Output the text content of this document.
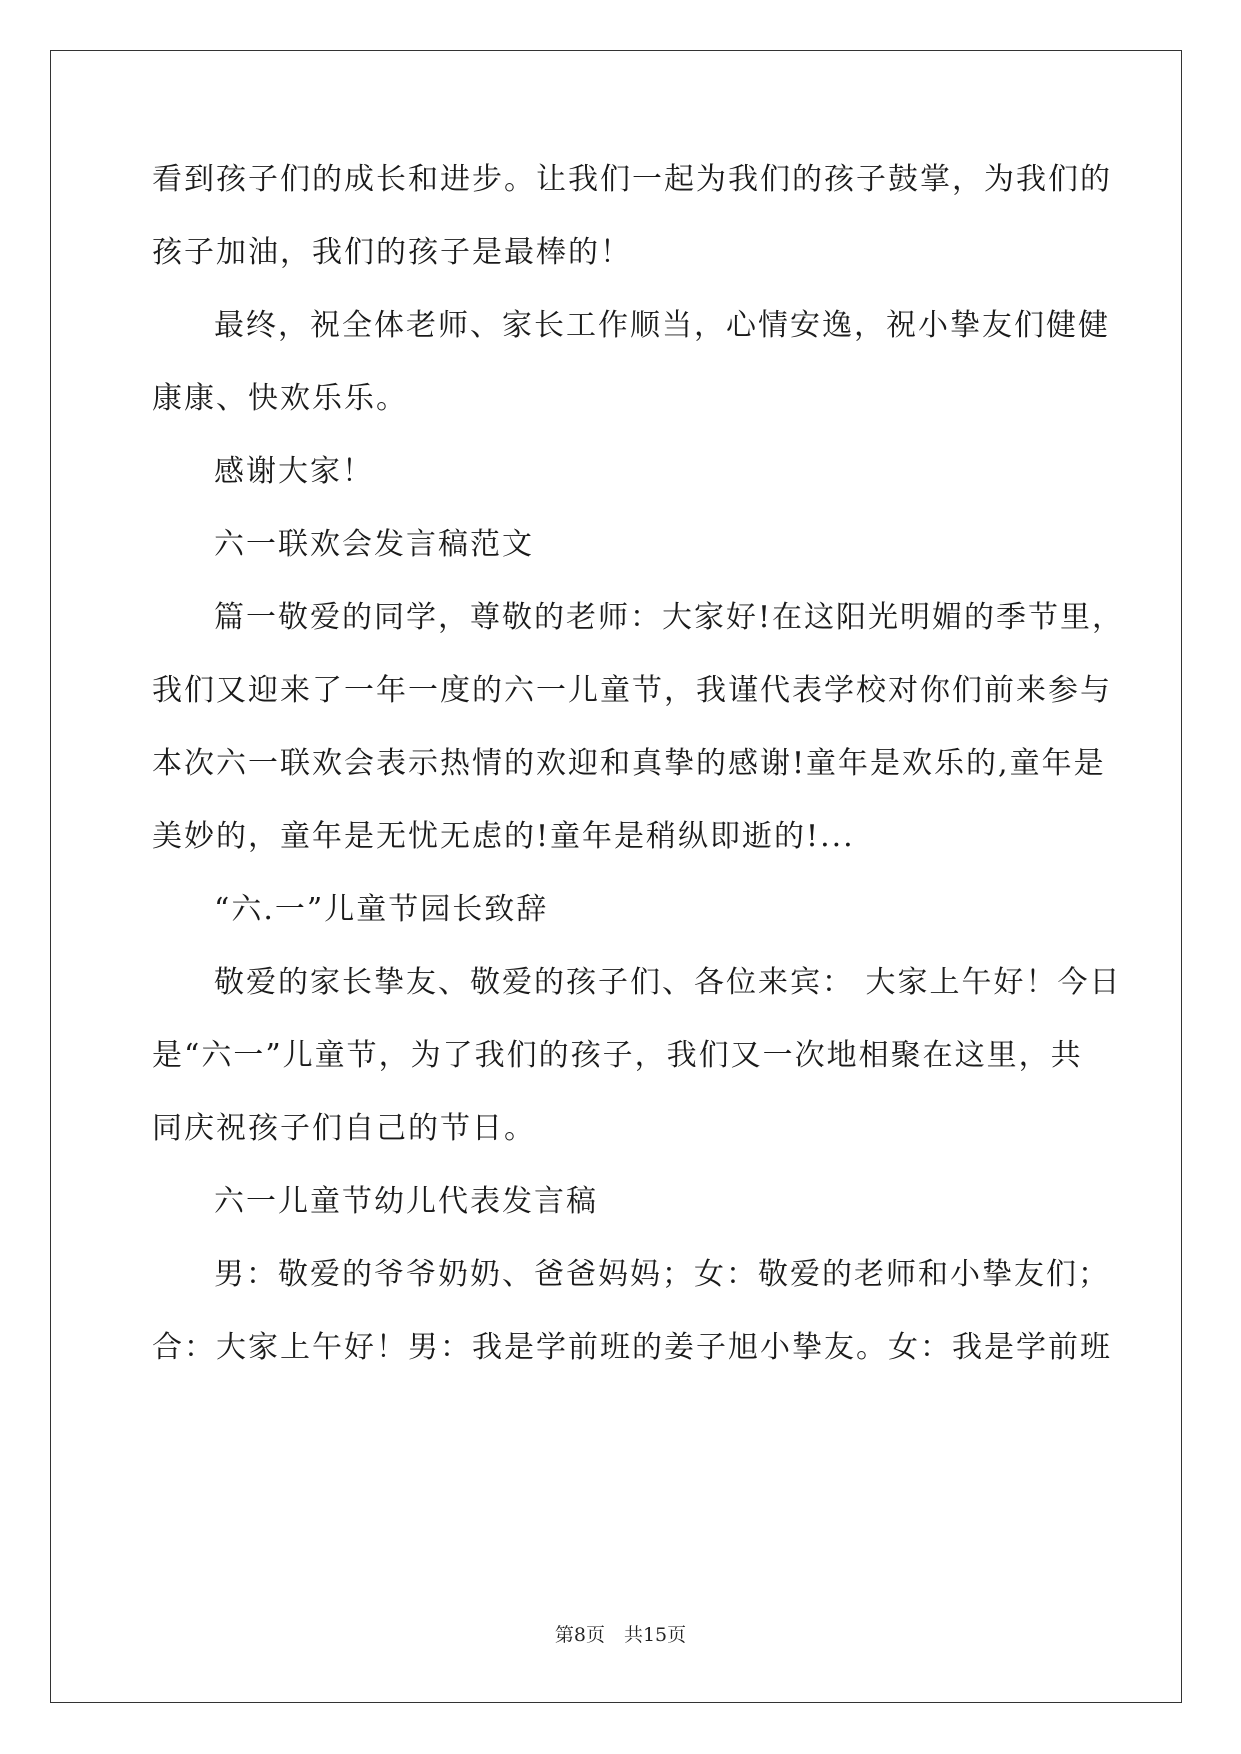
看到孩子们的成长和进步。让我们一起为我们的孩子鼓掌，为我们的
孩子加油，我们的孩子是最棒的！
最终，祝全体老师、家长工作顺当，心情安逸，祝小挚友们健健
康康、快欢乐乐。
感谢大家！
六一联欢会发言稿范文
篇一敬爱的同学，尊敬的老师：大家好!在这阳光明媚的季节里，
我们又迎来了一年一度的六一儿童节，我谨代表学校对你们前来参与
本次六一联欢会表示热情的欢迎和真挚的感谢!童年是欢乐的,童年是
美妙的，童年是无忧无虑的!童年是稍纵即逝的!...
“六.一”儿童节园长致辞
敬爱的家长挚友、敬爱的孩子们、各位来宾： 大家上午好！今日
是“六一”儿童节，为了我们的孩子，我们又一次地相聚在这里，共
同庆祝孩子们自己的节日。
六一儿童节幼儿代表发言稿
男：敬爱的爷爷奶奶、爸爸妈妈；女：敬爱的老师和小挚友们；
合：大家上午好！男：我是学前班的姜子旭小挚友。女：我是学前班
第8页　共15页
